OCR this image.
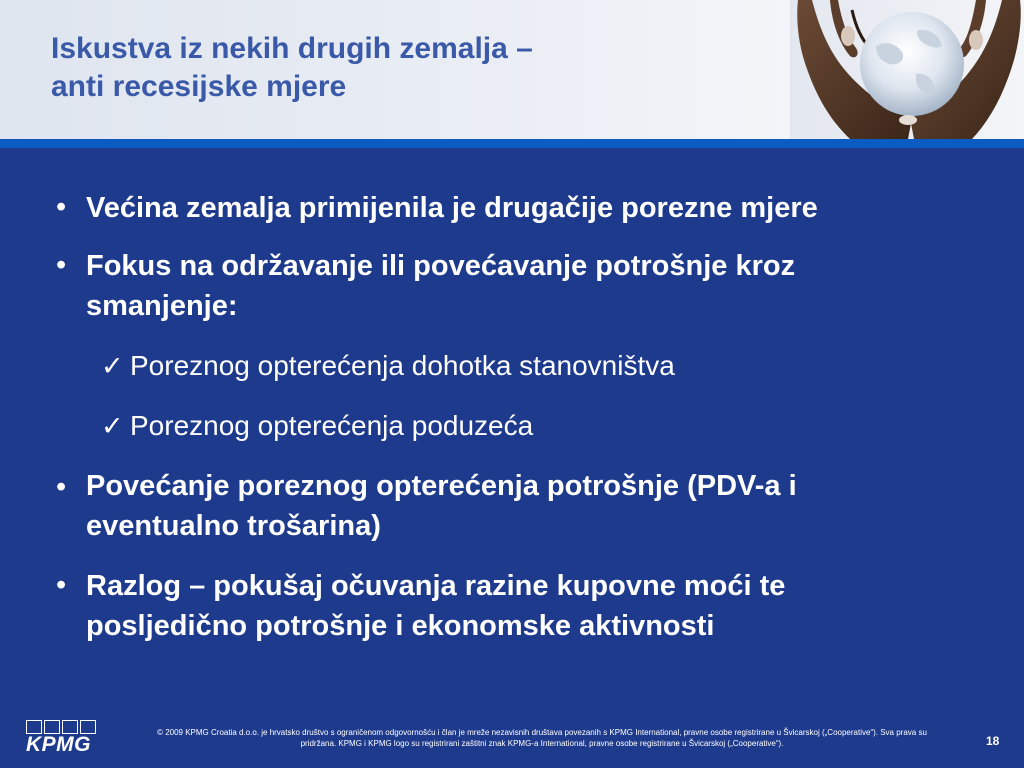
Iskustva iz nekih drugih zemalja –
anti recesijske mjere
• Većina zemalja primijenila je drugačije porezne mjere
• Fokus na održavanje ili povećavanje potrošnje kroz
smanjenje:
✓ Poreznog opterećenja dohotka stanovništva
✓ Poreznog opterećenja poduzeća
• Povećanje poreznog opterećenja potrošnje (PDV-a i
eventualno trošarina)
• Razlog – pokušaj očuvanja razine kupovne moći te
posljedično potrošnje i ekonomske aktivnosti
KPMG
© 2009 KPMG Croatia d.o.o. je hrvatsko društvo s ograničenom odgovornošću i član je mreže nezavisnih društava povezanih s KPMG International, pravne osobe registrirane u Švicarskoj („Cooperative“). Sva prava su
pridržana. KPMG i KPMG logo su registrirani zaštitni znak KPMG-a International, pravne osobe registrirane u Švicarskoj („Cooperative“).	18
